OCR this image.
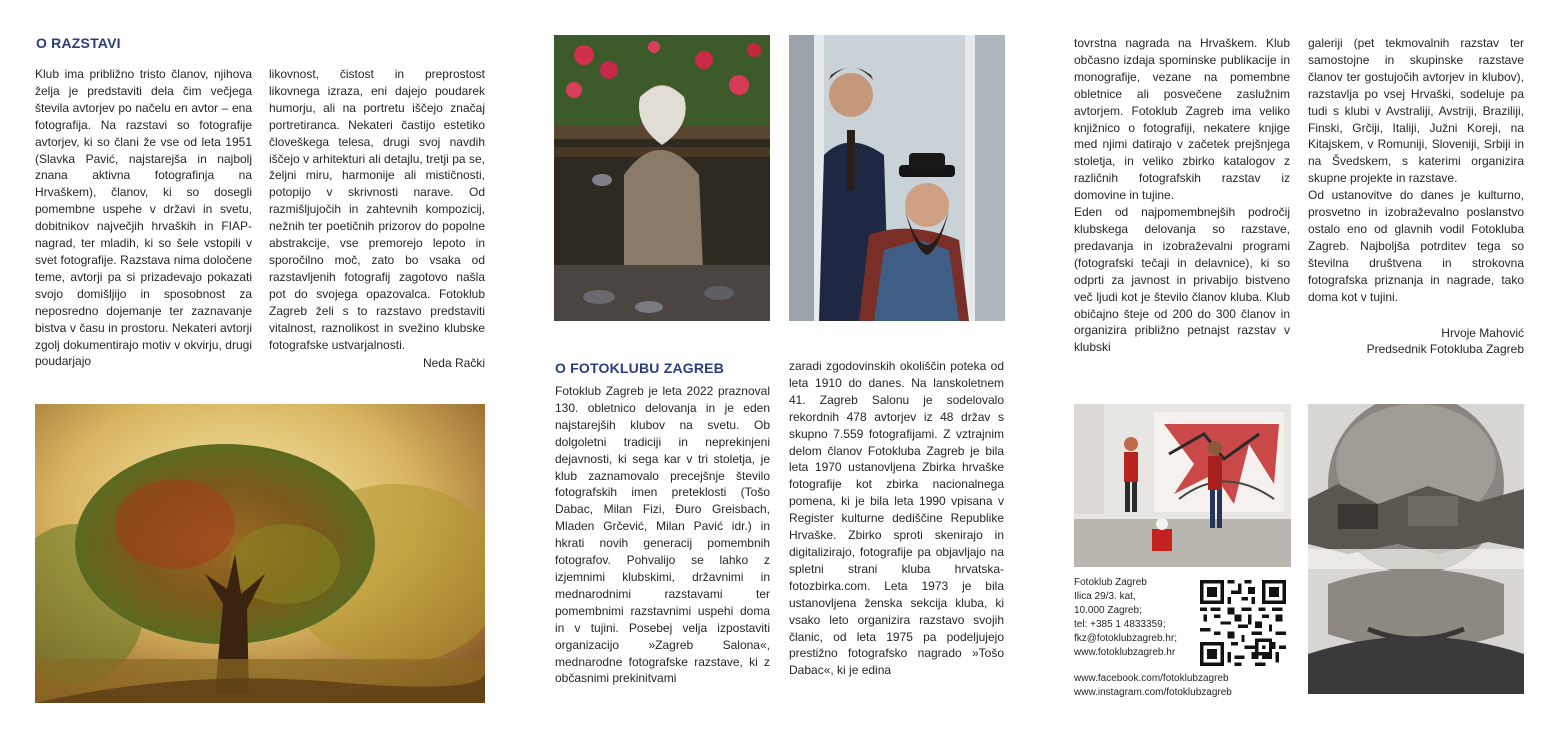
O RAZSTAVI

Klub ima približno tristo članov, njihova želja je predstaviti dela čim večjega števila avtorjev po načelu en avtor – ena fotografija. Na razstavi so fotografije avtorjev, ki so člani že vse od leta 1951 (Slavka Pavić, najstarejša in najbolj znana aktivna fotografinja na Hrvaškem), članov, ki so dosegli pomembne uspehe v državi in svetu, dobitnikov največjih hrvaških in FIAP-nagrad, ter mladih, ki so šele vstopili v svet fotografije. Razstava nima določene teme, avtorji pa si prizadevajo pokazati svojo domišljijo in sposobnost za neposredno dojemanje ter zaznavanje bistva v času in prostoru. Nekateri avtorji zgolj dokumentirajo motiv v okvirju, drugi poudarjajo

likovnost, čistost in preprostost likovnega izraza, eni dajejo poudarek humorju, ali na portretu iščejo značaj portretiranca. Nekateri častijo estetiko človeškega telesa, drugi svoj navdih iščejo v arhitekturi ali detajlu, tretji pa se, željni miru, harmonije ali mističnosti, potopijo v skrivnosti narave. Od razmišljujočih in zahtevnih kompozicij, nežnih ter poetičnih prizorov do popolne abstrakcije, vse premorejo lepoto in sporočilno moč, zato bo vsaka od razstavljenih fotografij zagotovo našla pot do svojega opazovalca. Fotoklub Zagreb želi s to razstavo predstaviti vitalnost, raznolikost in svežino klubske fotografske ustvarjalnosti.

Neda Rački	O FOTOKLUBU ZAGREB

Fotoklub Zagreb je leta 2022 praznoval 130. obletnico delovanja in je eden najstarejših klubov na svetu. Ob dolgoletni tradiciji in neprekinjeni dejavnosti, ki sega kar v tri stoletja, je klub zaznamovalo precejšnje število fotografskih imen preteklosti (Tošo Dabac, Milan Fizi, Đuro Greisbach, Mladen Grčević, Milan Pavić idr.) in hkrati novih generacij pomembnih fotografov. Pohvalijo se lahko z izjemnimi klubskimi, državnimi in mednarodnimi razstavami ter pomembnimi razstavnimi uspehi doma in v tujini. Posebej velja izpostaviti organizacijo »Zagreb Salona«, mednarodne fotografske razstave, ki z občasnimi prekinitvami

zaradi zgodovinskih okoliščin poteka od leta 1910 do danes. Na lanskoletnem 41. Zagreb Salonu je sodelovalo rekordnih 478 avtorjev iz 48 držav s skupno 7.559 fotografijami. Z vztrajnim delom članov Fotokluba Zagreb je bila leta 1970 ustanovljena Zbirka hrvaške fotografije kot zbirka nacionalnega pomena, ki je bila leta 1990 vpisana v Register kulturne dediščine Republike Hrvaške. Zbirko sproti skenirajo in digitalizirajo, fotografije pa objavljajo na spletni strani kluba hrvatska-fotozbirka.com. Leta 1973 je bila ustanovljena ženska sekcija kluba, ki vsako leto organizira razstavo svojih članic, od leta 1975 pa podeljujejo prestižno fotografsko nagrado »Tošo Dabac«, ki je edina

tovrstna nagrada na Hrvaškem. Klub občasno izdaja spominske publikacije in monografije, vezane na pomembne obletnice ali posvečene zaslužnim avtorjem. Fotoklub Zagreb ima veliko knjižnico o fotografiji, nekatere knjige med njimi datirajo v začetek prejšnjega stoletja, in veliko zbirko katalogov z različnih fotografskih razstav iz domovine in tujine.

Eden od najpomembnejših področij klubskega delovanja so razstave, predavanja in izobraževalni programi (fotografski tečaji in delavnice), ki so odprti za javnost in privabijo bistveno več ljudi kot je število članov kluba. Klub običajno šteje od 200 do 300 članov in organizira približno petnajst razstav v klubski

galeriji (pet tekmovalnih razstav ter samostojne in skupinske razstave članov ter gostujočih avtorjev in klubov), razstavlja po vsej Hrvaški, sodeluje pa tudi s klubi v Avstraliji, Avstriji, Braziliji, Finski, Grčiji, Italiji, Južni Koreji, na Kitajskem, v Romuniji, Sloveniji, Srbiji in na Švedskem, s katerimi organizira skupne projekte in razstave.

Od ustanovitve do danes je kulturno, prosvetno in izobraževalno poslanstvo ostalo eno od glavnih vodil Fotokluba Zagreb. Najboljša potrditev tega so številna društvena in strokovna fotografska priznanja in nagrade, tako doma kot v tujini.

Hrvoje Mahović

Predsednik Fotokluba Zagreb

Fotoklub Zagreb
Ilica 29/3. kat,
10.000 Zagreb;
tel: +385 1 4833359;
fkz@fotoklubzagreb.hr;
www.fotoklubzagreb.hr
www.facebook.com/fotoklubzagreb
www.instagram.com/fotoklubzagreb
